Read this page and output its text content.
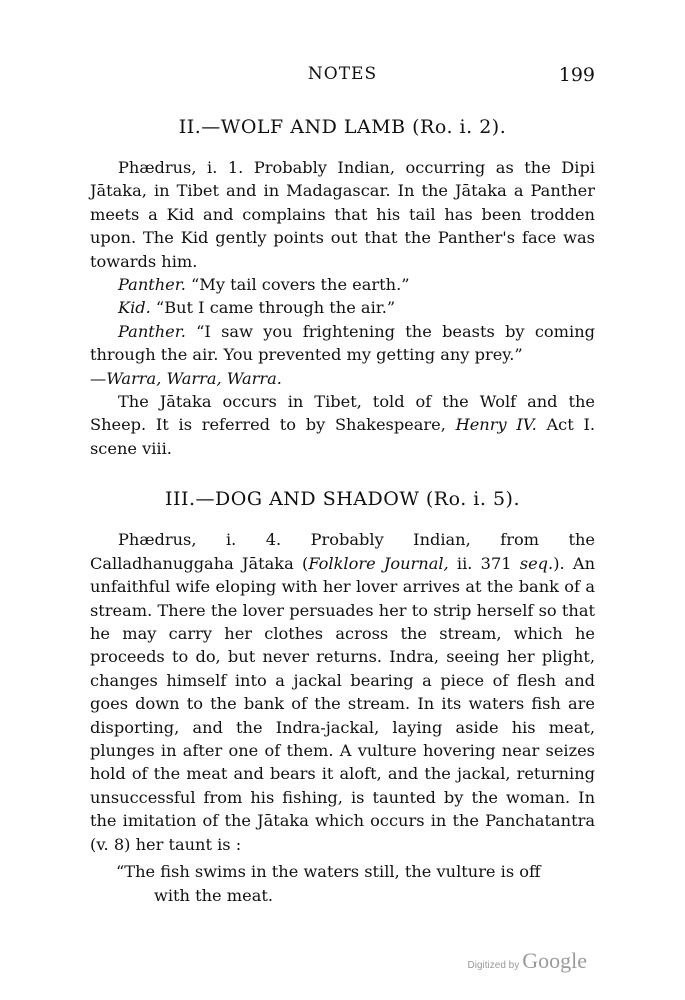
NOTES	199
II.—WOLF AND LAMB (Ro. i. 2).

Phædrus, i. 1. Probably Indian, occurring as the Dipi Jātaka, in Tibet and in Madagascar. In the Jātaka a Panther meets a Kid and complains that his tail has been trodden upon. The Kid gently points out that the Panther's face was towards him.

Panther. “My tail covers the earth.”

Kid. “But I came through the air.”

Panther. “I saw you frightening the beasts by coming through the air. You prevented my getting any prey.”

—Warra, Warra, Warra.

The Jātaka occurs in Tibet, told of the Wolf and the Sheep. It is referred to by Shakespeare, Henry IV. Act I. scene viii.

III.—DOG AND SHADOW (Ro. i. 5).

Phædrus, i. 4. Probably Indian, from the Calladhanuggaha Jātaka (Folklore Journal, ii. 371 seq.). An unfaithful wife eloping with her lover arrives at the bank of a stream. There the lover persuades her to strip herself so that he may carry her clothes across the stream, which he proceeds to do, but never returns. Indra, seeing her plight, changes himself into a jackal bearing a piece of flesh and goes down to the bank of the stream. In its waters fish are disporting, and the Indra-jackal, laying aside his meat, plunges in after one of them. A vulture hovering near seizes hold of the meat and bears it aloft, and the jackal, returning unsuccessful from his fishing, is taunted by the woman. In the imitation of the Jātaka which occurs in the Panchatantra (v. 8) her taunt is :

“The fish swims in the waters still, the vulture is off
with the meat.
Digitized by Google
